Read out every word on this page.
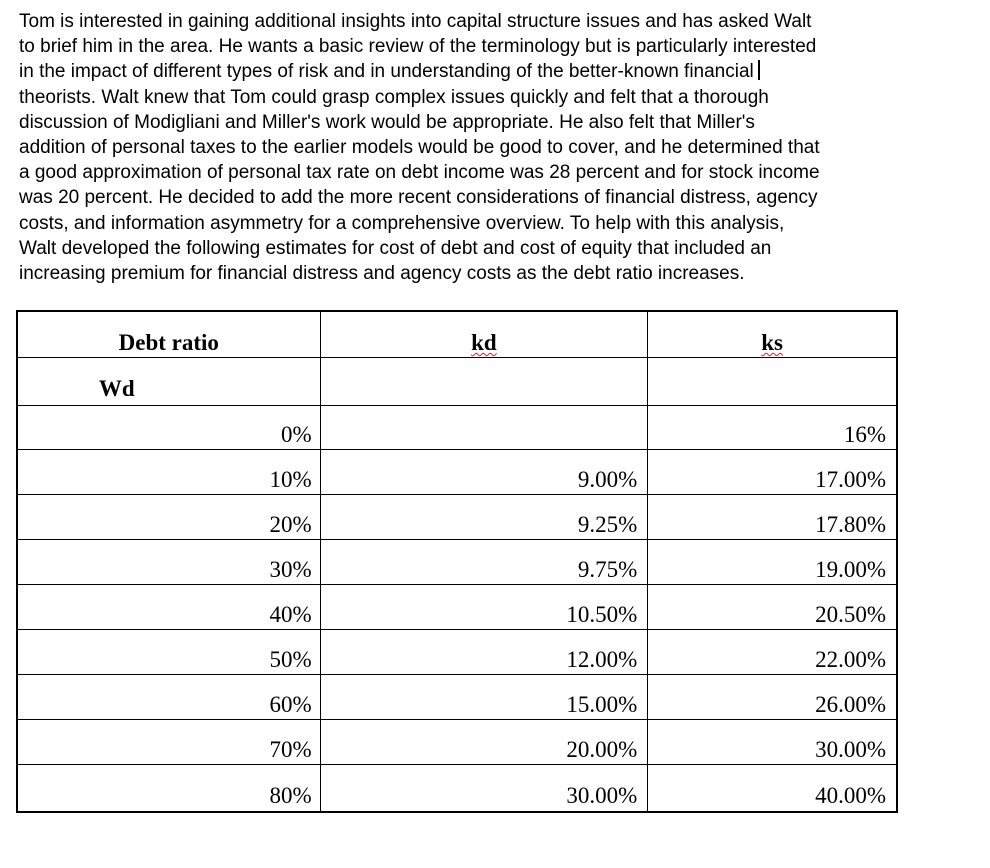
Tom is interested in gaining additional insights into capital structure issues and has asked Walt
to brief him in the area. He wants a basic review of the terminology but is particularly interested
in the impact of different types of risk and in understanding of the better-known financial
theorists. Walt knew that Tom could grasp complex issues quickly and felt that a thorough
discussion of Modigliani and Miller's work would be appropriate. He also felt that Miller's
addition of personal taxes to the earlier models would be good to cover, and he determined that
a good approximation of personal tax rate on debt income was 28 percent and for stock income
was 20 percent. He decided to add the more recent considerations of financial distress, agency
costs, and information asymmetry for a comprehensive overview. To help with this analysis,
Walt developed the following estimates for cost of debt and cost of equity that included an
increasing premium for financial distress and agency costs as the debt ratio increases.
Debt ratio	kd	ks

Wd		

0%		16%

10%	9.00%	17.00%

20%	9.25%	17.80%

30%	9.75%	19.00%

40%	10.50%	20.50%

50%	12.00%	22.00%

60%	15.00%	26.00%

70%	20.00%	30.00%

80%	30.00%	40.00%
